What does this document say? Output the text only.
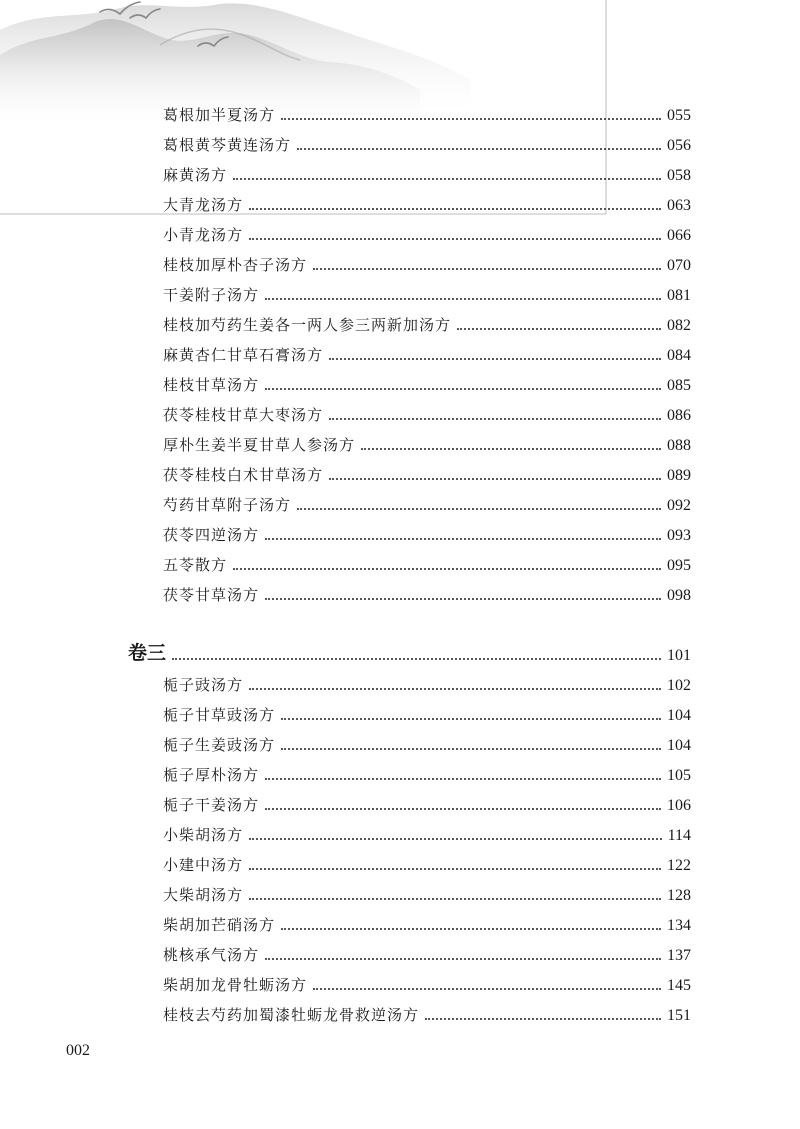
葛根加半夏汤方	055
葛根黄芩黄连汤方	056
麻黄汤方	058
大青龙汤方	063
小青龙汤方	066
桂枝加厚朴杏子汤方	070
干姜附子汤方	081
桂枝加芍药生姜各一两人参三两新加汤方	082
麻黄杏仁甘草石膏汤方	084
桂枝甘草汤方	085
茯苓桂枝甘草大枣汤方	086
厚朴生姜半夏甘草人参汤方	088
茯苓桂枝白术甘草汤方	089
芍药甘草附子汤方	092
茯苓四逆汤方	093
五苓散方	095
茯苓甘草汤方	098
卷三	101
栀子豉汤方	102
栀子甘草豉汤方	104
栀子生姜豉汤方	104
栀子厚朴汤方	105
栀子干姜汤方	106
小柴胡汤方	114
小建中汤方	122
大柴胡汤方	128
柴胡加芒硝汤方	134
桃核承气汤方	137
柴胡加龙骨牡蛎汤方	145
桂枝去芍药加蜀漆牡蛎龙骨救逆汤方	151
002
